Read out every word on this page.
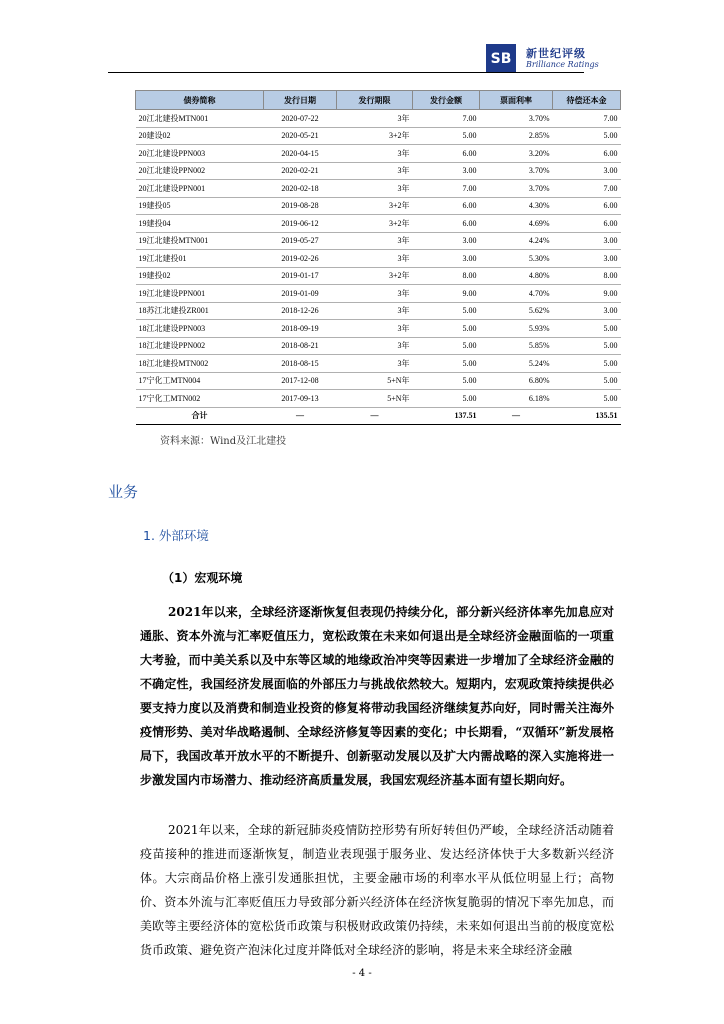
SB 新世纪评级
Brilliance Ratings
债券简称	发行日期	发行期限	发行金额	票面利率	待偿还本金
20江北建投MTN001	2020-07-22	3年	7.00	3.70%	7.00
20建设02	2020-05-21	3+2年	5.00	2.85%	5.00
20江北建设PPN003	2020-04-15	3年	6.00	3.20%	6.00
20江北建设PPN002	2020-02-21	3年	3.00	3.70%	3.00
20江北建设PPN001	2020-02-18	3年	7.00	3.70%	7.00
19建投05	2019-08-28	3+2年	6.00	4.30%	6.00
19建投04	2019-06-12	3+2年	6.00	4.69%	6.00
19江北建投MTN001	2019-05-27	3年	3.00	4.24%	3.00
19江北建投01	2019-02-26	3年	3.00	5.30%	3.00
19建投02	2019-01-17	3+2年	8.00	4.80%	8.00
19江北建设PPN001	2019-01-09	3年	9.00	4.70%	9.00
18苏江北建投ZR001	2018-12-26	3年	5.00	5.62%	3.00
18江北建设PPN003	2018-09-19	3年	5.00	5.93%	5.00
18江北建设PPN002	2018-08-21	3年	5.00	5.85%	5.00
18江北建投MTN002	2018-08-15	3年	5.00	5.24%	5.00
17宁化工MTN004	2017-12-08	5+N年	5.00	6.80%	5.00
17宁化工MTN002	2017-09-13	5+N年	5.00	6.18%	5.00
合计	—	—	137.51	—	135.51
资料来源：Wind及江北建投
业务
1. 外部环境
（1）宏观环境
2021年以来，全球经济逐渐恢复但表现仍持续分化，部分新兴经济体率先加息应对通胀、资本外流与汇率贬值压力，宽松政策在未来如何退出是全球经济金融面临的一项重大考验，而中美关系以及中东等区域的地缘政治冲突等因素进一步增加了全球经济金融的不确定性，我国经济发展面临的外部压力与挑战依然较大。短期内，宏观政策持续提供必要支持力度以及消费和制造业投资的修复将带动我国经济继续复苏向好，同时需关注海外疫情形势、美对华战略遏制、全球经济修复等因素的变化；中长期看，“双循环”新发展格局下，我国改革开放水平的不断提升、创新驱动发展以及扩大内需战略的深入实施将进一步激发国内市场潜力、推动经济高质量发展，我国宏观经济基本面有望长期向好。
2021年以来，全球的新冠肺炎疫情防控形势有所好转但仍严峻，全球经济活动随着疫苗接种的推进而逐渐恢复，制造业表现强于服务业、发达经济体快于大多数新兴经济体。大宗商品价格上涨引发通胀担忧，主要金融市场的利率水平从低位明显上行；高物价、资本外流与汇率贬值压力导致部分新兴经济体在经济恢复脆弱的情况下率先加息，而美欧等主要经济体的宽松货币政策与积极财政政策仍持续，未来如何退出当前的极度宽松货币政策、避免资产泡沫化过度并降低对全球经济的影响，将是未来全球经济金融
- 4 -
